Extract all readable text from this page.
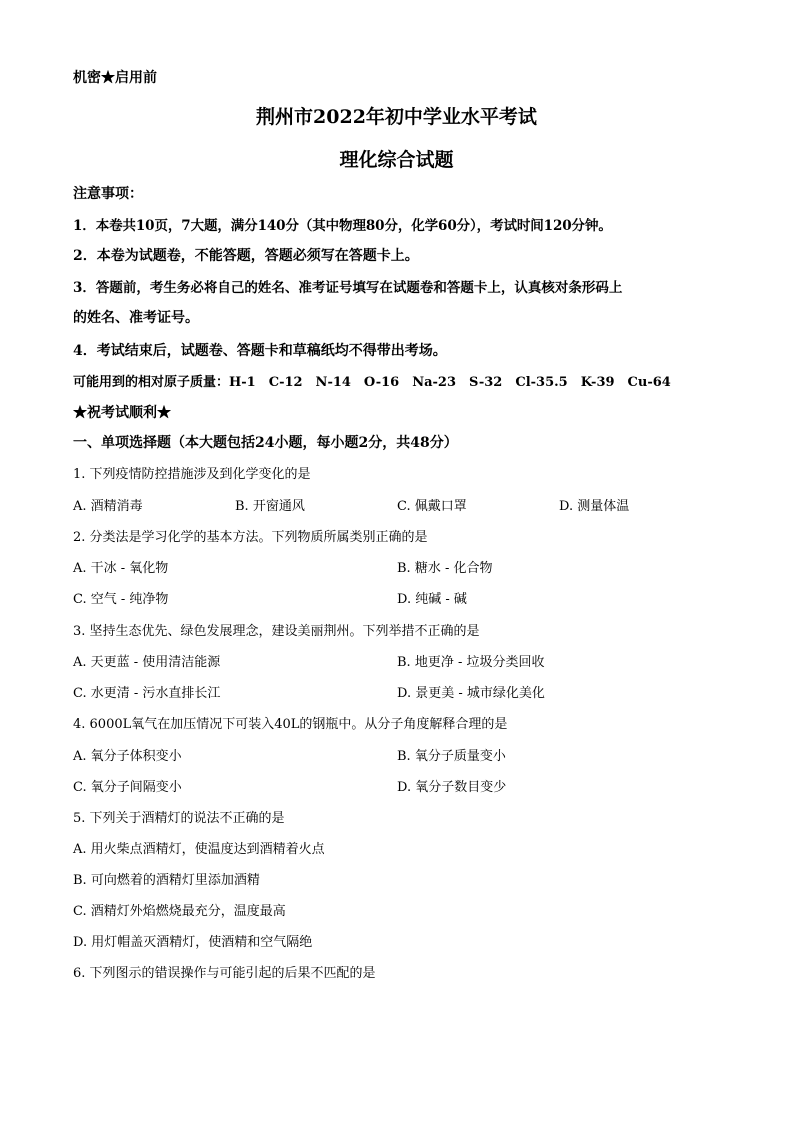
机密★启用前
荆州市2022年初中学业水平考试
理化综合试题
注意事项：
1．本卷共10页，7大题，满分140分（其中物理80分，化学60分），考试时间120分钟。
2．本卷为试题卷，不能答题，答题必须写在答题卡上。
3．答题前，考生务必将自己的姓名、准考证号填写在试题卷和答题卡上，认真核对条形码上
的姓名、准考证号。
4．考试结束后，试题卷、答题卡和草稿纸均不得带出考场。
可能用到的相对原子质量：H-1　C-12　N-14　O-16　Na-23　S-32　Cl-35.5　K-39　Cu-64
★祝考试顺利★
一、单项选择题（本大题包括24小题，每小题2分，共48分）
1. 下列疫情防控措施涉及到化学变化的是
A. 酒精消毒	B. 开窗通风	C. 佩戴口罩	D. 测量体温
2. 分类法是学习化学的基本方法。下列物质所属类别正确的是
A. 干冰 - 氧化物	B. 糖水 - 化合物
C. 空气 - 纯净物	D. 纯碱 - 碱
3. 坚持生态优先、绿色发展理念，建设美丽荆州。下列举措不正确的是
A. 天更蓝 - 使用清洁能源	B. 地更净 - 垃圾分类回收
C. 水更清 - 污水直排长江	D. 景更美 - 城市绿化美化
4. 6000L氧气在加压情况下可装入40L的钢瓶中。从分子角度解释合理的是
A. 氧分子体积变小	B. 氧分子质量变小
C. 氧分子间隔变小	D. 氧分子数目变少
5. 下列关于酒精灯的说法不正确的是
A. 用火柴点酒精灯，使温度达到酒精着火点
B. 可向燃着的酒精灯里添加酒精
C. 酒精灯外焰燃烧最充分，温度最高
D. 用灯帽盖灭酒精灯，使酒精和空气隔绝
6. 下列图示的错误操作与可能引起的后果不匹配的是
